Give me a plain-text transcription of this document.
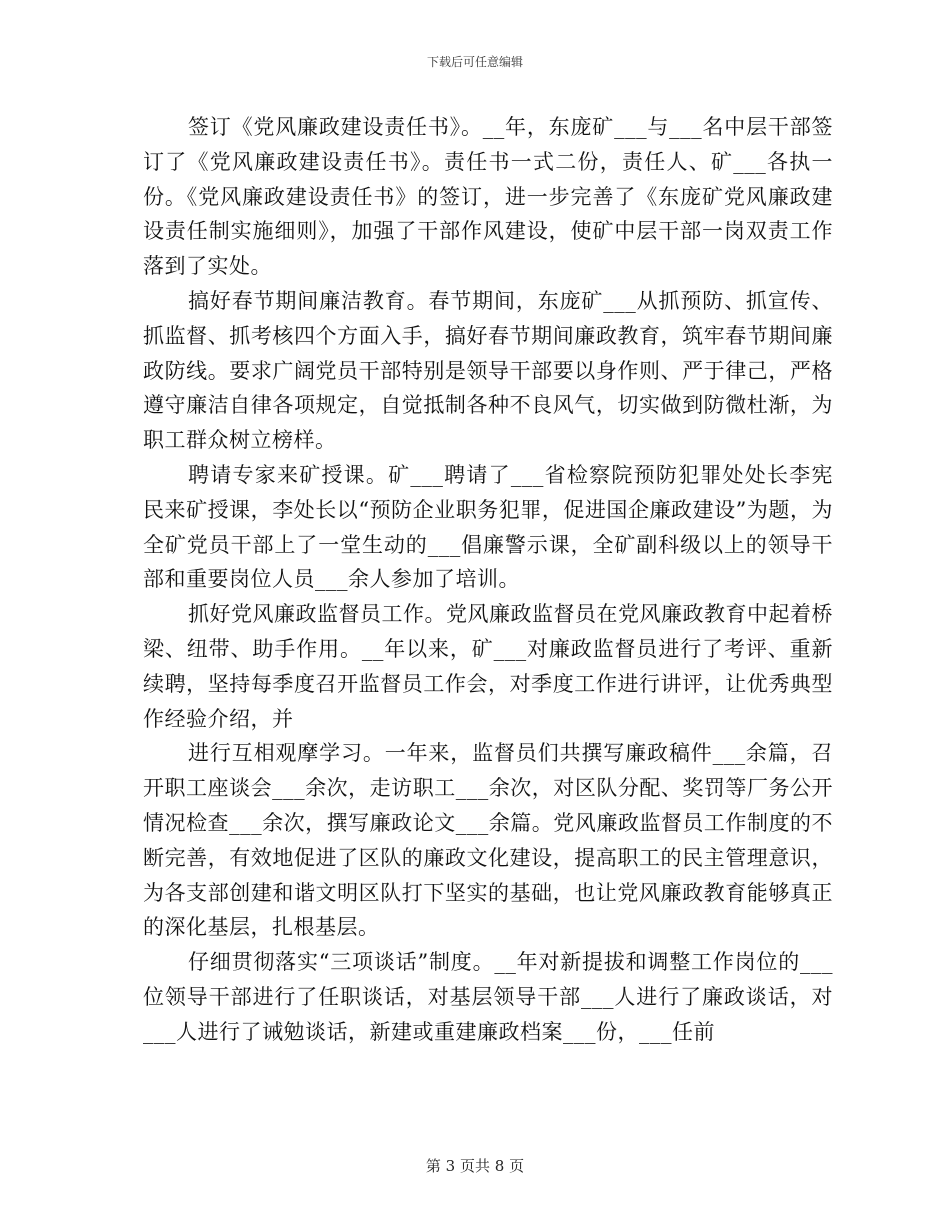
下载后可任意编辑

签订《党风廉政建设责任书》。__年，东庞矿___与___名中层干部签订了《党风廉政建设责任书》。责任书一式二份，责任人、矿___各执一份。《党风廉政建设责任书》的签订，进一步完善了《东庞矿党风廉政建设责任制实施细则》，加强了干部作风建设，使矿中层干部一岗双责工作落到了实处。

搞好春节期间廉洁教育。春节期间，东庞矿___从抓预防、抓宣传、抓监督、抓考核四个方面入手，搞好春节期间廉政教育，筑牢春节期间廉政防线。要求广阔党员干部特别是领导干部要以身作则、严于律己，严格遵守廉洁自律各项规定，自觉抵制各种不良风气，切实做到防微杜渐，为职工群众树立榜样。

聘请专家来矿授课。矿___聘请了___省检察院预防犯罪处处长李宪民来矿授课，李处长以“预防企业职务犯罪，促进国企廉政建设”为题，为全矿党员干部上了一堂生动的___倡廉警示课，全矿副科级以上的领导干部和重要岗位人员___余人参加了培训。

抓好党风廉政监督员工作。党风廉政监督员在党风廉政教育中起着桥梁、纽带、助手作用。__年以来，矿___对廉政监督员进行了考评、重新续聘，坚持每季度召开监督员工作会，对季度工作进行讲评，让优秀典型作经验介绍，并

进行互相观摩学习。一年来，监督员们共撰写廉政稿件___余篇，召开职工座谈会___余次，走访职工___余次，对区队分配、奖罚等厂务公开情况检查___余次，撰写廉政论文___余篇。党风廉政监督员工作制度的不断完善，有效地促进了区队的廉政文化建设，提高职工的民主管理意识，为各支部创建和谐文明区队打下坚实的基础，也让党风廉政教育能够真正的深化基层，扎根基层。

仔细贯彻落实“三项谈话”制度。__年对新提拔和调整工作岗位的___位领导干部进行了任职谈话，对基层领导干部___人进行了廉政谈话，对___人进行了诫勉谈话，新建或重建廉政档案___份，___任前

第 3 页共 8 页
